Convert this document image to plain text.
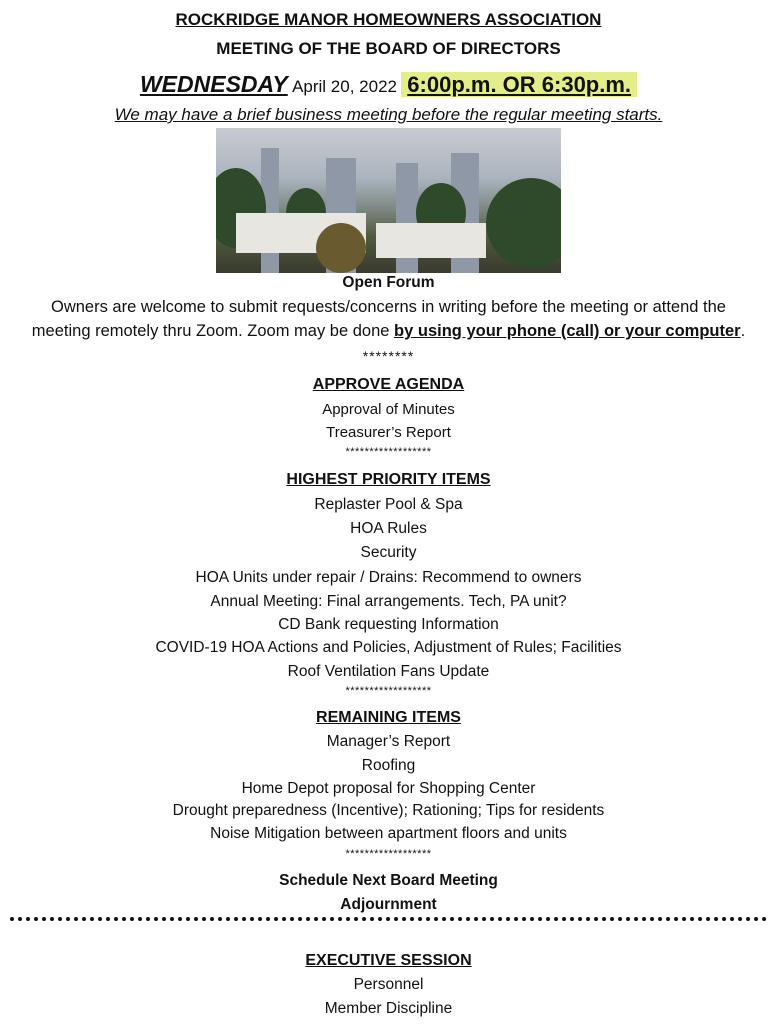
ROCKRIDGE MANOR HOMEOWNERS ASSOCIATION
MEETING OF THE BOARD OF DIRECTORS
WEDNESDAY April 20, 2022 6:00p.m. OR 6:30p.m.
We may have a brief business meeting before the regular meeting starts.
Open Forum
Owners are welcome to submit requests/concerns in writing before the meeting or attend the
meeting remotely thru Zoom. Zoom may be done by using your phone (call) or your computer.
********
APPROVE AGENDA
Approval of Minutes
Treasurer’s Report
******************
HIGHEST PRIORITY ITEMS
Replaster Pool & Spa
HOA Rules
Security
HOA Units under repair / Drains: Recommend to owners
Annual Meeting: Final arrangements. Tech, PA unit?
CD Bank requesting Information
COVID-19 HOA Actions and Policies, Adjustment of Rules; Facilities
Roof Ventilation Fans Update
******************
REMAINING ITEMS
Manager’s Report
Roofing
Home Depot proposal for Shopping Center
Drought preparedness (Incentive); Rationing; Tips for residents
Noise Mitigation between apartment floors and units
******************
Schedule Next Board Meeting
Adjournment
EXECUTIVE SESSION
Personnel
Member Discipline
